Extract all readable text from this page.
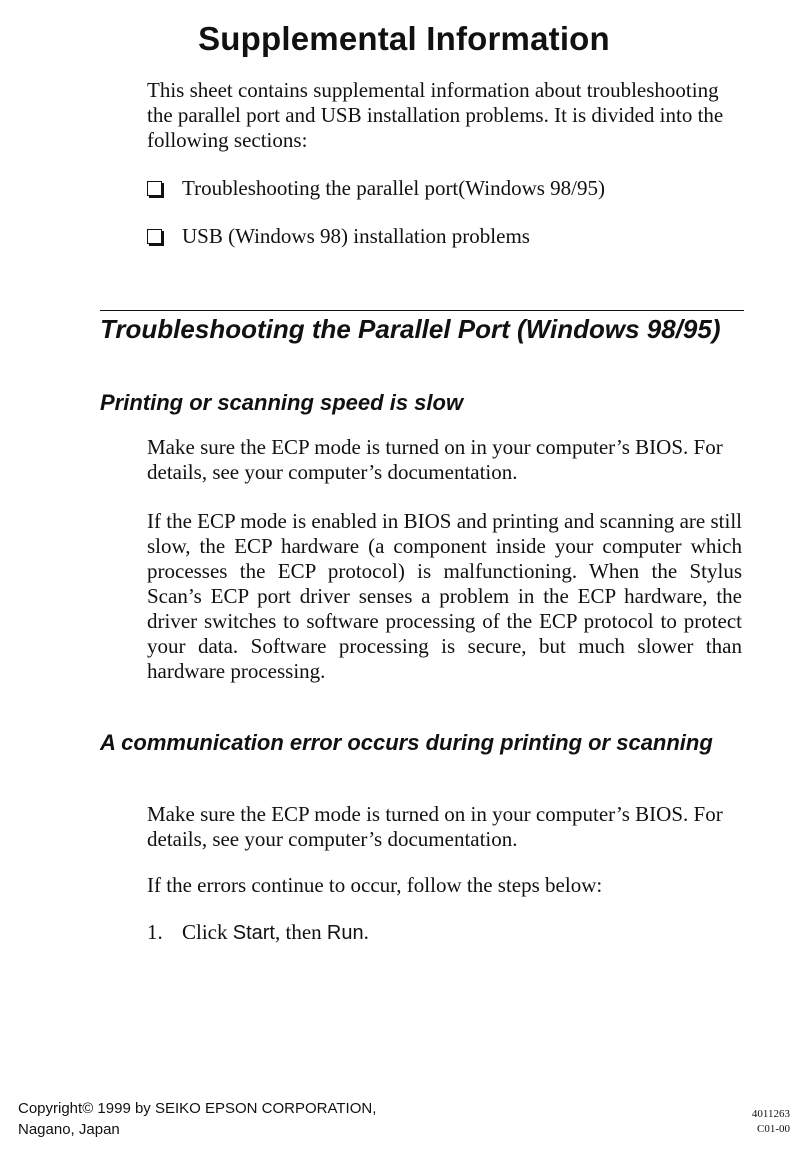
Supplemental Information

This sheet contains supplemental information about troubleshooting the parallel port and USB installation problems. It is divided into the following sections:

Troubleshooting the parallel port(Windows 98/95)
USB (Windows 98) installation problems
Troubleshooting the Parallel Port (Windows 98/95)
Printing or scanning speed is slow

Make sure the ECP mode is turned on in your computer’s BIOS. For details, see your computer’s documentation.

If the ECP mode is enabled in BIOS and printing and scanning are still slow, the ECP hardware (a component inside your computer which processes the ECP protocol) is malfunctioning. When the Stylus Scan’s ECP port driver senses a problem in the ECP hardware, the driver switches to software processing of the ECP protocol to protect your data. Software processing is secure, but much slower than hardware processing.

A communication error occurs during printing or scanning

Make sure the ECP mode is turned on in your computer’s BIOS. For details, see your computer’s documentation.

If the errors continue to occur, follow the steps below:

1. Click Start, then Run.
Copyright© 1999 by SEIKO EPSON CORPORATION,
Nagano, Japan
4011263
C01-00
